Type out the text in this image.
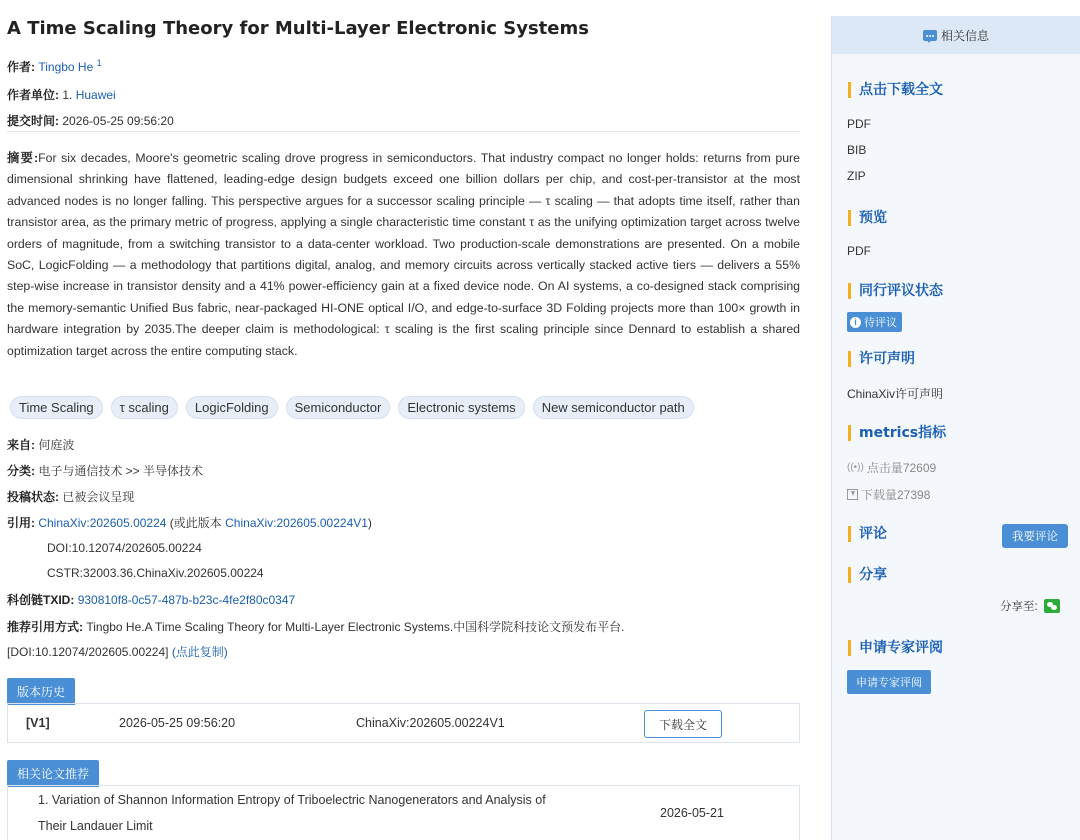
A Time Scaling Theory for Multi-Layer Electronic Systems
作者: Tingbo He $^1$
作者单位: 1. Huawei
提交时间: 2026-05-25 09:56:20
摘要:For six decades, Moore's geometric scaling drove progress in semiconductors. That industry compact no longer holds: returns from pure dimensional shrinking have flattened, leading-edge design budgets exceed one billion dollars per chip, and cost-per-transistor at the most advanced nodes is no longer falling. This perspective argues for a successor scaling principle — τ scaling — that adopts time itself, rather than transistor area, as the primary metric of progress, applying a single characteristic time constant τ as the unifying optimization target across twelve orders of magnitude, from a switching transistor to a data-center workload. Two production-scale demonstrations are presented. On a mobile SoC, LogicFolding — a methodology that partitions digital, analog, and memory circuits across vertically stacked active tiers — delivers a 55% step-wise increase in transistor density and a 41% power-efficiency gain at a fixed device node. On AI systems, a co-designed stack comprising the memory-semantic Unified Bus fabric, near-packaged HI-ONE optical I/O, and edge-to-surface 3D Folding projects more than 100× growth in hardware integration by 2035.The deeper claim is methodological: τ scaling is the first scaling principle since Dennard to establish a shared optimization target across the entire computing stack.
Time Scaling	τ scaling	LogicFolding	Semiconductor	Electronic systems	New semiconductor path
来自: 何庭波
分类: 电子与通信技术 >> 半导体技术
投稿状态: 已被会议呈现
引用: ChinaXiv:202605.00224 (或此版本 ChinaXiv:202605.00224V1)
DOI:10.12074/202605.00224
CSTR:32003.36.ChinaXiv.202605.00224
科创链TXID: 930810f8-0c57-487b-b23c-4fe2f80c0347
推荐引用方式: Tingbo He.A Time Scaling Theory for Multi-Layer Electronic Systems.中国科学院科技论文预发布平台.
[DOI:10.12074/202605.00224] (点此复制)
版本历史
[V1]	2026-05-25 09:56:20	ChinaXiv:202605.00224V1	下载全文
相关论文推荐
1. Variation of Shannon Information Entropy of Triboelectric Nanogenerators and Analysis of
Their Landauer Limit
2026-05-21
相关信息
点击下载全文
PDF
BIB
ZIP
预览
PDF
同行评议状态
i 待评议
许可声明
ChinaXiv许可声明
metrics指标
((•)) 点击量72609
下载量27398
评论	我要评论
分享
分享至:
申请专家评阅
申请专家评阅
